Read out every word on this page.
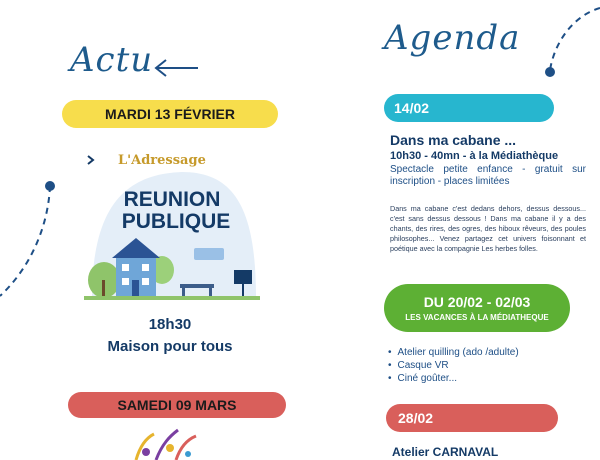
Actu
Agenda
MARDI 13 FÉVRIER
L'Adressage
REUNION
PUBLIQUE
18h30
Maison pour tous
SAMEDI 09 MARS
14/02
Dans ma cabane ...
10h30 - 40mn - à la Médiathèque
Spectacle petite enfance - gratuit sur inscription - places limitées
Dans ma cabane c'est dedans dehors, dessus dessous... c'est sans dessus dessous ! Dans ma cabane il y a des chants, des rires, des ogres, des hiboux rêveurs, des poules philosophes... Venez partagez cet univers foisonnant et poétique avec la compagnie Les herbes folles.
DU 20/02 - 02/03
LES VACANCES À LA MÉDIATHEQUE
• Atelier quilling (ado /adulte)
• Casque VR
• Ciné goûter...
28/02
Atelier CARNAVAL
